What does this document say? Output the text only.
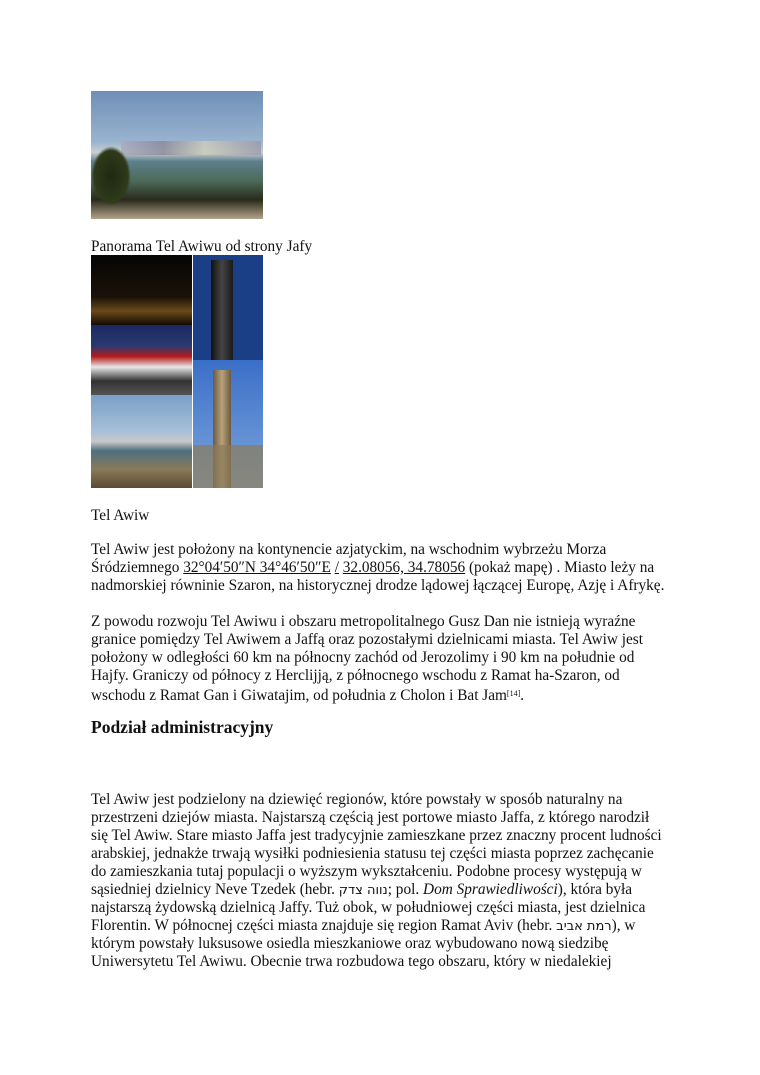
Panorama Tel Awiwu od strony Jafy
Tel Awiw
Tel Awiw jest położony na kontynencie azjatyckim, na wschodnim wybrzeżu Morza
Śródziemnego 32°04′50″N 34°46′50″E / 32.08056, 34.78056 (pokaż mapę) . Miasto leży na
nadmorskiej równinie Szaron, na historycznej drodze lądowej łączącej Europę, Azję i Afrykę.
Z powodu rozwoju Tel Awiwu i obszaru metropolitalnego Gusz Dan nie istnieją wyraźne
granice pomiędzy Tel Awiwem a Jaffą oraz pozostałymi dzielnicami miasta. Tel Awiw jest
położony w odległości 60 km na północny zachód od Jerozolimy i 90 km na południe od
Hajfy. Graniczy od północy z Herclijją, z północnego wschodu z Ramat ha-Szaron, od
wschodu z Ramat Gan i Giwatajim, od południa z Cholon i Bat Jam[14].
Podział administracyjny
Tel Awiw jest podzielony na dziewięć regionów, które powstały w sposób naturalny na
przestrzeni dziejów miasta. Najstarszą częścią jest portowe miasto Jaffa, z którego narodził
się Tel Awiw. Stare miasto Jaffa jest tradycyjnie zamieszkane przez znaczny procent ludności
arabskiej, jednakże trwają wysiłki podniesienia statusu tej części miasta poprzez zachęcanie
do zamieszkania tutaj populacji o wyższym wykształceniu. Podobne procesy występują w
sąsiedniej dzielnicy Neve Tzedek (hebr. נווה צדק; pol. Dom Sprawiedliwości), która była
najstarszą żydowską dzielnicą Jaffy. Tuż obok, w południowej części miasta, jest dzielnica
Florentin. W północnej części miasta znajduje się region Ramat Aviv (hebr. רמת אביב), w
którym powstały luksusowe osiedla mieszkaniowe oraz wybudowano nową siedzibę
Uniwersytetu Tel Awiwu. Obecnie trwa rozbudowa tego obszaru, który w niedalekiej
